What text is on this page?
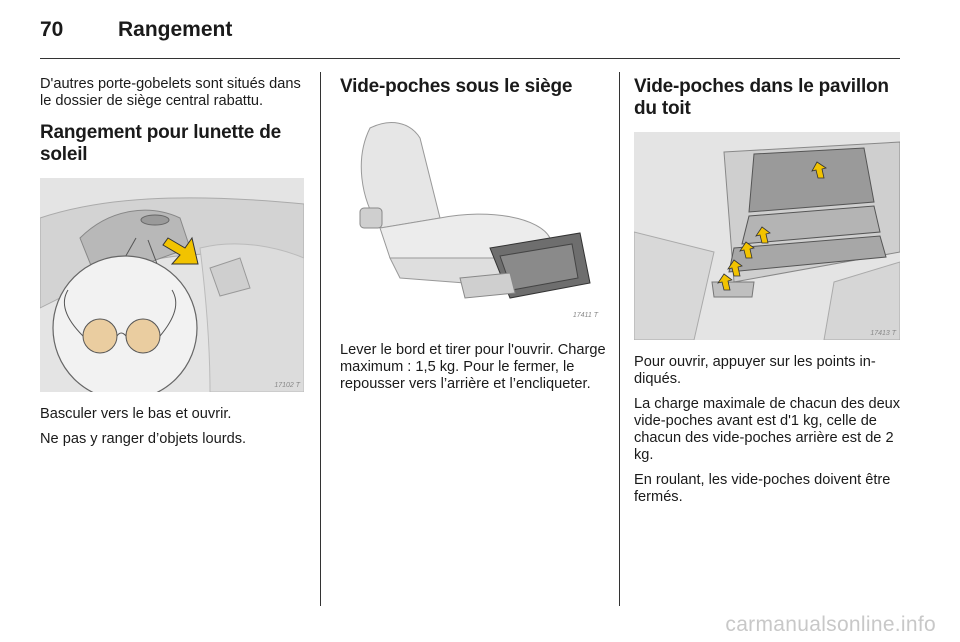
70	Rangement

D'autres porte-gobelets sont situés dans le dossier de siège central rabattu.

Rangement pour lunette de soleil
17102 T

Basculer vers le bas et ouvrir.

Ne pas y ranger d’objets lourds.

Vide-poches sous le siège
17411 T

Lever le bord et tirer pour l'ouvrir. Charge maximum : 1,5 kg. Pour le fermer, le repousser vers l’arrière et l’encliqueter.

Vide-poches dans le pavillon du toit
17413 T

Pour ouvrir, appuyer sur les points indiqués.

La charge maximale de chacun des deux vide-poches avant est d'1 kg, celle de chacun des vide-poches arrière est de 2 kg.

En roulant, les vide-poches doivent être fermés.

carmanualsonline.info
